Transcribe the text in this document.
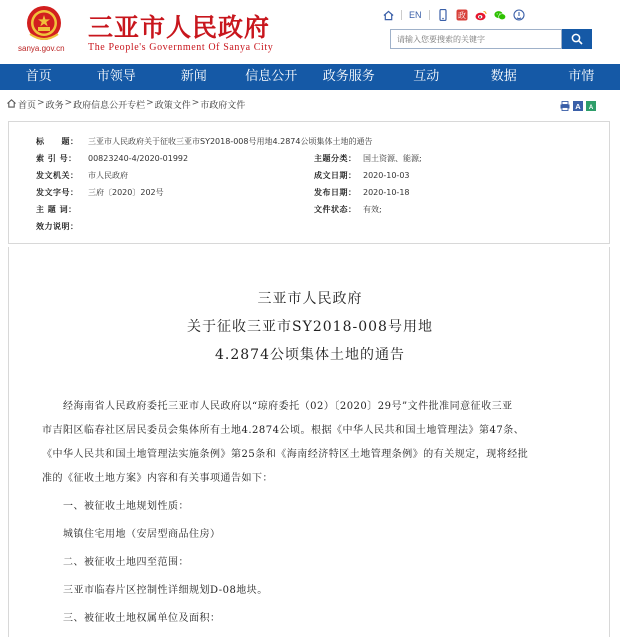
sanya.gov.cn
三亚市人民政府
The People's Government Of Sanya City
EN	政
请输入您要搜索的关键字
首页	市领导	新闻	信息公开	政务服务	互动	数据	市情
首页 > 政务 > 政府信息公开专栏 > 政策文件 > 市政府文件	A A
标　　题： 三亚市人民政府关于征收三亚市SY2018-008号用地4.2874公顷集体土地的通告
索 引 号： 00823240-4/2020-01992	主题分类： 国土资源、能源;
发文机关： 市人民政府	成文日期： 2020-10-03
发文字号： 三府〔2020〕202号	发布日期： 2020-10-18
主 题 词：	文件状态： 有效;
效力说明：
三亚市人民政府
关于征收三亚市SY2018-008号用地
4.2874公顷集体土地的通告
经海南省人民政府委托三亚市人民政府以“琼府委托（02）〔2020〕29号”文件批准同意征收三亚
市吉阳区临春社区居民委员会集体所有土地4.2874公顷。根据《中华人民共和国土地管理法》第47条、
《中华人民共和国土地管理法实施条例》第25条和《海南经济特区土地管理条例》的有关规定，现将经批
准的《征收土地方案》内容和有关事项通告如下：
一、被征收土地规划性质：
城镇住宅用地（安居型商品住房）
二、被征收土地四至范围：
三亚市临春片区控制性详细规划D-08地块。
三、被征收土地权属单位及面积：
